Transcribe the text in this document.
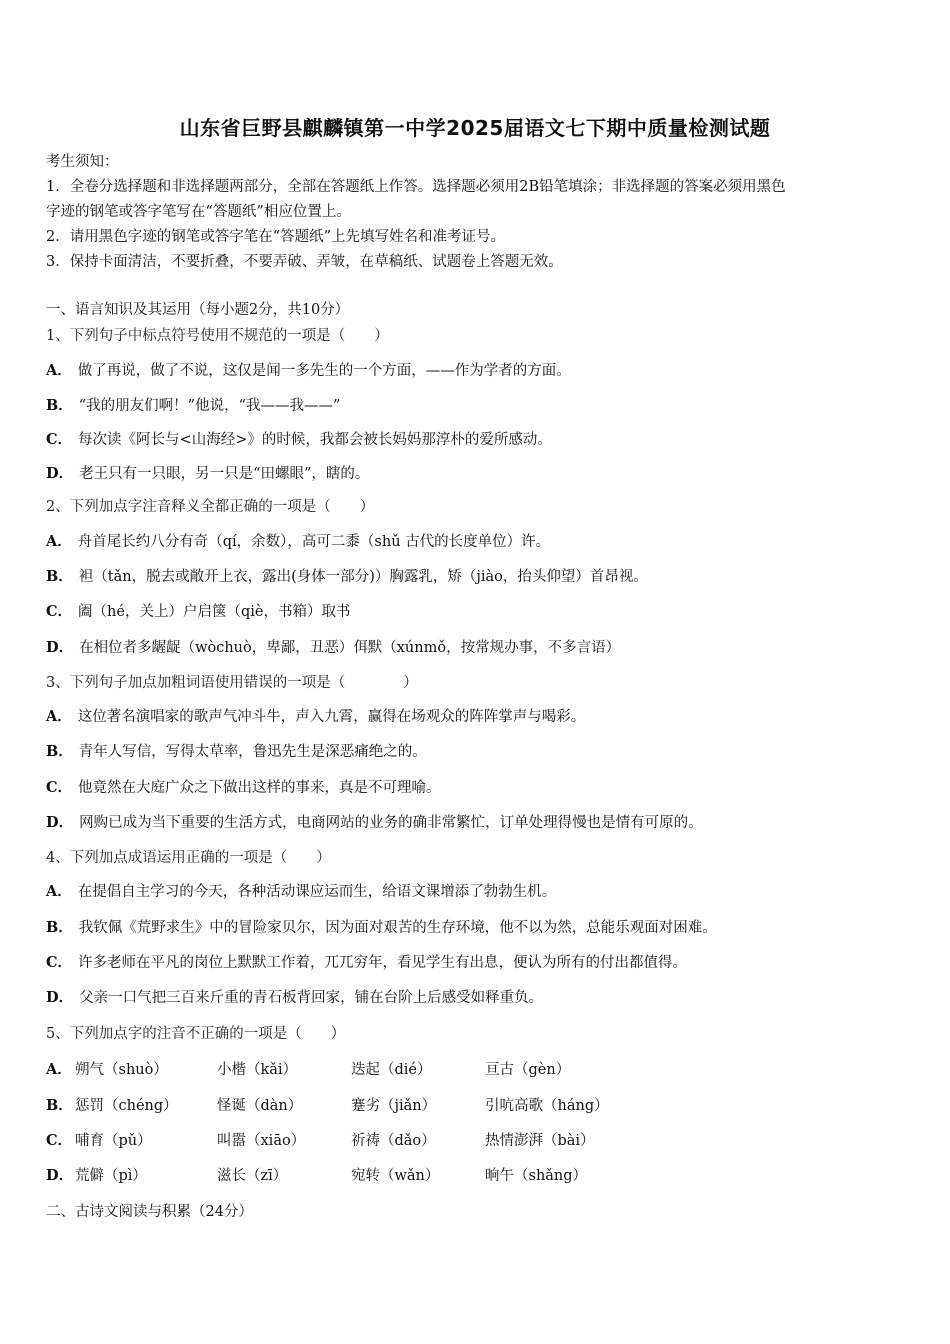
山东省巨野县麒麟镇第一中学2025届语文七下期中质量检测试题
考生须知：
1．全卷分选择题和非选择题两部分，全部在答题纸上作答。选择题必须用2B铅笔填涂；非选择题的答案必须用黑色
字迹的钢笔或答字笔写在“答题纸”相应位置上。
2．请用黑色字迹的钢笔或答字笔在“答题纸”上先填写姓名和准考证号。
3．保持卡面清洁，不要折叠，不要弄破、弄皱，在草稿纸、试题卷上答题无效。
一、语言知识及其运用（每小题2分，共10分）
1、下列句子中标点符号使用不规范的一项是（　　）
A． 做了再说，做了不说，这仅是闻一多先生的一个方面，——作为学者的方面。
B． “我的朋友们啊！”他说，“我——我——”
C． 每次读《阿长与<山海经>》的时候，我都会被长妈妈那淳朴的爱所感动。
D． 老王只有一只眼，另一只是“田螺眼”，瞎的。
2、下列加点字注音释义全都正确的一项是（　　）
A． 舟首尾长约八分有奇（qí，余数），高可二黍（shǔ 古代的长度单位）许。
B． 袒（tǎn，脱去或敞开上衣，露出(身体一部分)）胸露乳，矫（jiào，抬头仰望）首昂视。
C． 阖（hé，关上）户启箧（qiè，书箱）取书
D． 在相位者多龌龊（wòchuò，卑鄙，丑恶）佴默（xúnmǒ，按常规办事，不多言语）
3、下列句子加点加粗词语使用错误的一项是（　　　　）
A． 这位著名演唱家的歌声气冲斗牛，声入九霄，赢得在场观众的阵阵掌声与喝彩。
B． 青年人写信，写得太草率，鲁迅先生是深恶痛绝之的。
C． 他竟然在大庭广众之下做出这样的事来，真是不可理喻。
D． 网购已成为当下重要的生活方式，电商网站的业务的确非常繁忙，订单处理得慢也是情有可原的。
4、下列加点成语运用正确的一项是（　　）
A． 在提倡自主学习的今天，各种活动课应运而生，给语文课增添了勃勃生机。
B． 我钦佩《荒野求生》中的冒险家贝尔，因为面对艰苦的生存环境，他不以为然，总能乐观面对困难。
C． 许多老师在平凡的岗位上默默工作着，兀兀穷年，看见学生有出息，便认为所有的付出都值得。
D． 父亲一口气把三百来斤重的青石板背回家，铺在台阶上后感受如释重负。
5、下列加点字的注音不正确的一项是（　　）
A． 朔气（shuò）	小楷（kǎi）	迭起（dié）	亘古（gèn）
B． 惩罚（chéng）	怪诞（dàn）	蹇劣（jiǎn）	引吭高歌（háng）
C． 哺育（pǔ）	叫嚣（xiāo）	祈祷（dǎo）	热情澎湃（bài）
D． 荒僻（pì）	滋长（zī）	宛转（wǎn）	晌午（shǎng）
二、古诗文阅读与积累（24分）
